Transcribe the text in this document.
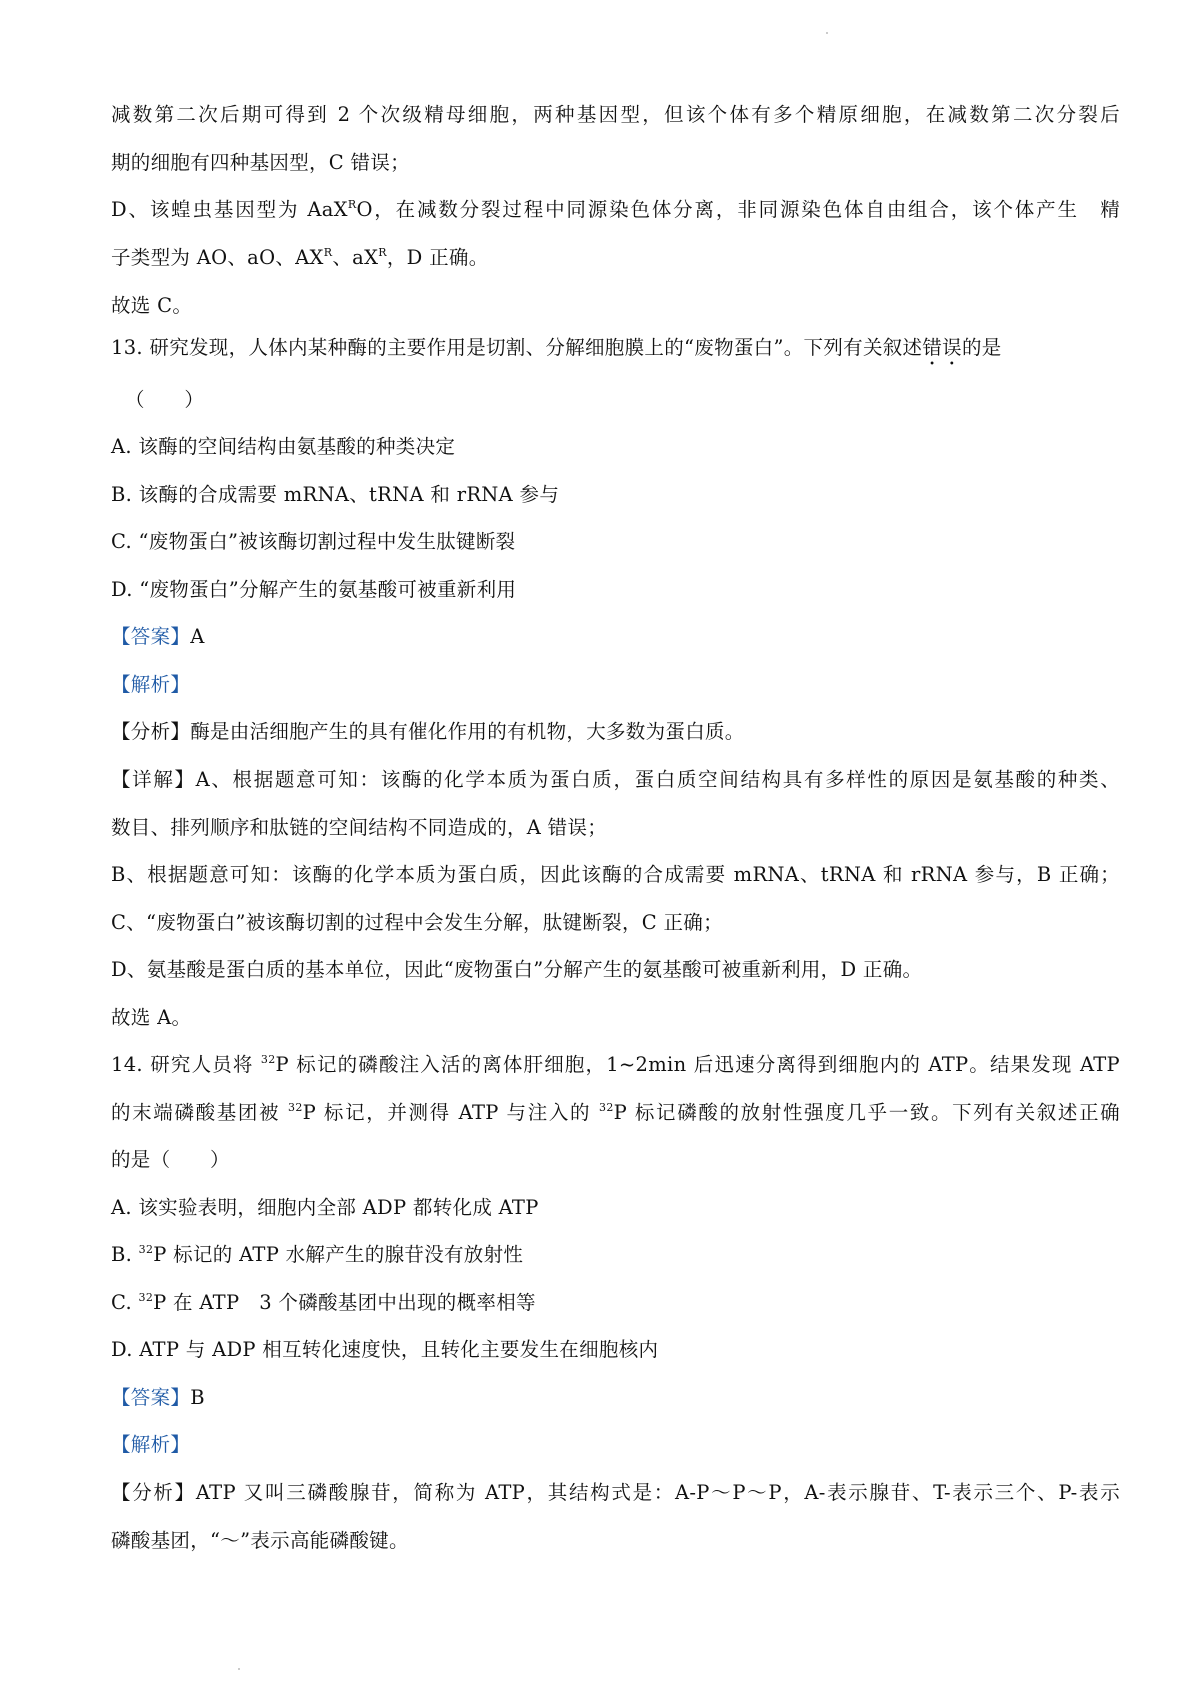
减数第二次后期可得到 2 个次级精母细胞，两种基因型，但该个体有多个精原细胞，在减数第二次分裂后
期的细胞有四种基因型，C 错误；
D、该蝗虫基因型为 AaX$^R$O，在减数分裂过程中同源染色体分离，非同源染色体自由组合，该个体产生　精
子类型为 AO、aO、$AX^R$、$aX^R$，D 正确。
故选 C。
13. 研究发现，人体内某种酶的主要作用是切割、分解细胞膜上的“废物蛋白”。下列有关叙述错误的是
（　　）
A. 该酶的空间结构由氨基酸的种类决定
B. 该酶的合成需要 mRNA、tRNA 和 rRNA 参与
C. “废物蛋白”被该酶切割过程中发生肽键断裂
D. “废物蛋白”分解产生的氨基酸可被重新利用
【答案】A
【解析】
【分析】酶是由活细胞产生的具有催化作用的有机物，大多数为蛋白质。
【详解】A、根据题意可知：该酶的化学本质为蛋白质，蛋白质空间结构具有多样性的原因是氨基酸的种类、
数目、排列顺序和肽链的空间结构不同造成的，A 错误；
B、根据题意可知：该酶的化学本质为蛋白质，因此该酶的合成需要 mRNA、tRNA 和 rRNA 参与，B 正确；
C、“废物蛋白”被该酶切割的过程中会发生分解，肽键断裂，C 正确；
D、氨基酸是蛋白质的基本单位，因此“废物蛋白”分解产生的氨基酸可被重新利用，D 正确。
故选 A。
14. 研究人员将 $^{32}$P 标记的磷酸注入活的离体肝细胞，1~2min 后迅速分离得到细胞内的 ATP。结果发现 ATP
的末端磷酸基团被 $^{32}$P 标记，并测得 ATP 与注入的 $^{32}$P 标记磷酸的放射性强度几乎一致。下列有关叙述正确
的是（　　）
A. 该实验表明，细胞内全部 ADP 都转化成 ATP
B. $^{32}$P 标记的 ATP 水解产生的腺苷没有放射性
C. $^{32}$P 在 ATP　3 个磷酸基团中出现的概率相等
D. ATP 与 ADP 相互转化速度快，且转化主要发生在细胞核内
【答案】B
【解析】
【分析】ATP 又叫三磷酸腺苷，简称为 ATP，其结构式是：A-P～P～P，A-表示腺苷、T-表示三个、P-表示
磷酸基团，“～”表示高能磷酸键。
